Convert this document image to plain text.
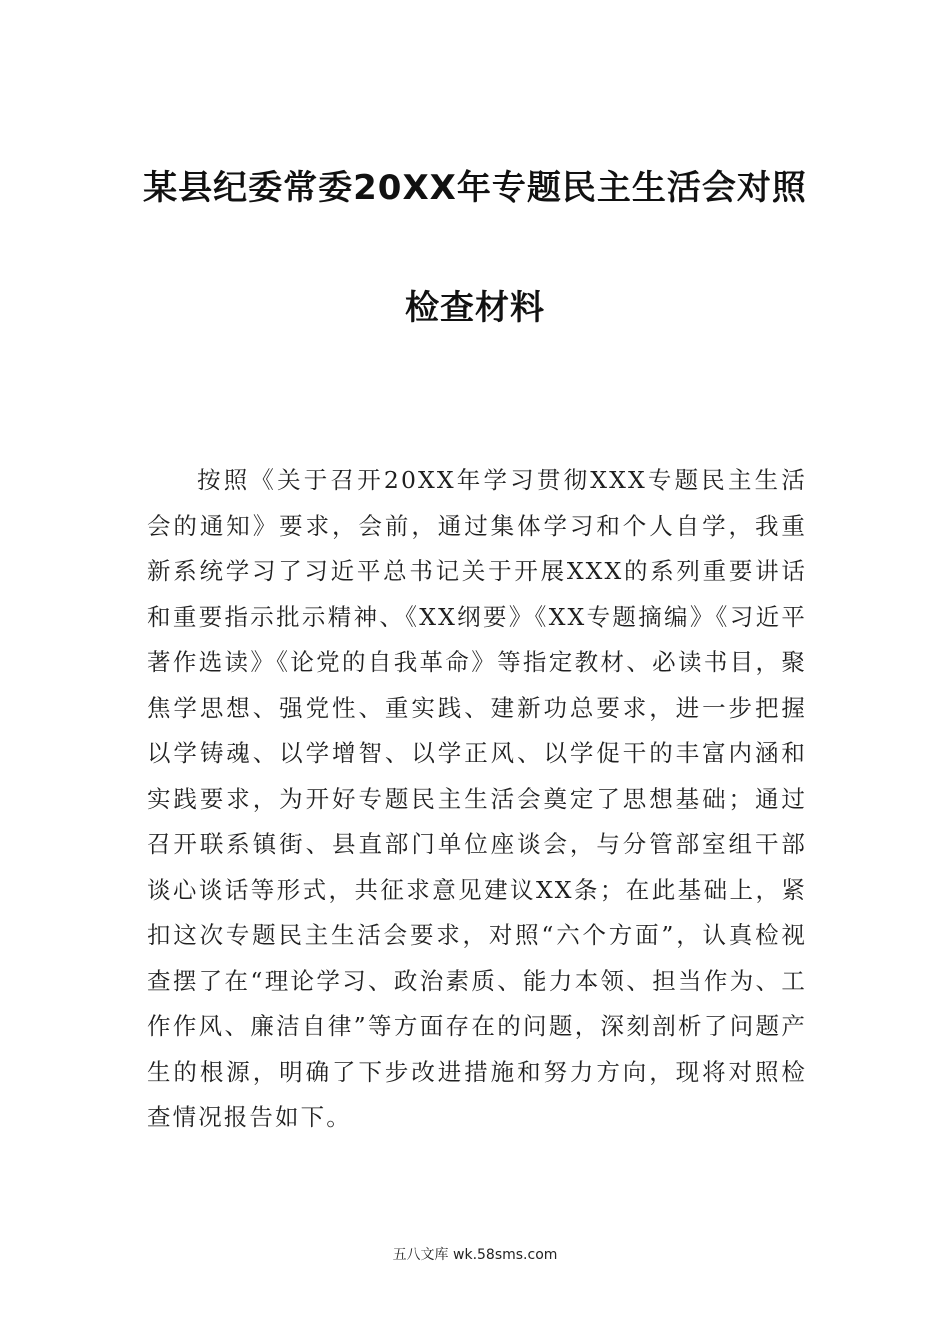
某县纪委常委20XX年专题民主生活会对照
检查材料

按照《关于召开20XX年学习贯彻XXX专题民主生活会的通知》要求，会前，通过集体学习和个人自学，我重新系统学习了习近平总书记关于开展XXX的系列重要讲话和重要指示批示精神、《XX纲要》《XX专题摘编》《习近平著作选读》《论党的自我革命》等指定教材、必读书目，聚焦学思想、强党性、重实践、建新功总要求，进一步把握以学铸魂、以学增智、以学正风、以学促干的丰富内涵和实践要求，为开好专题民主生活会奠定了思想基础；通过召开联系镇街、县直部门单位座谈会，与分管部室组干部谈心谈话等形式，共征求意见建议XX条；在此基础上，紧扣这次专题民主生活会要求，对照“六个方面”，认真检视查摆了在“理论学习、政治素质、能力本领、担当作为、工作作风、廉洁自律”等方面存在的问题，深刻剖析了问题产生的根源，明确了下步改进措施和努力方向，现将对照检查情况报告如下。

五八文库 wk.58sms.com
